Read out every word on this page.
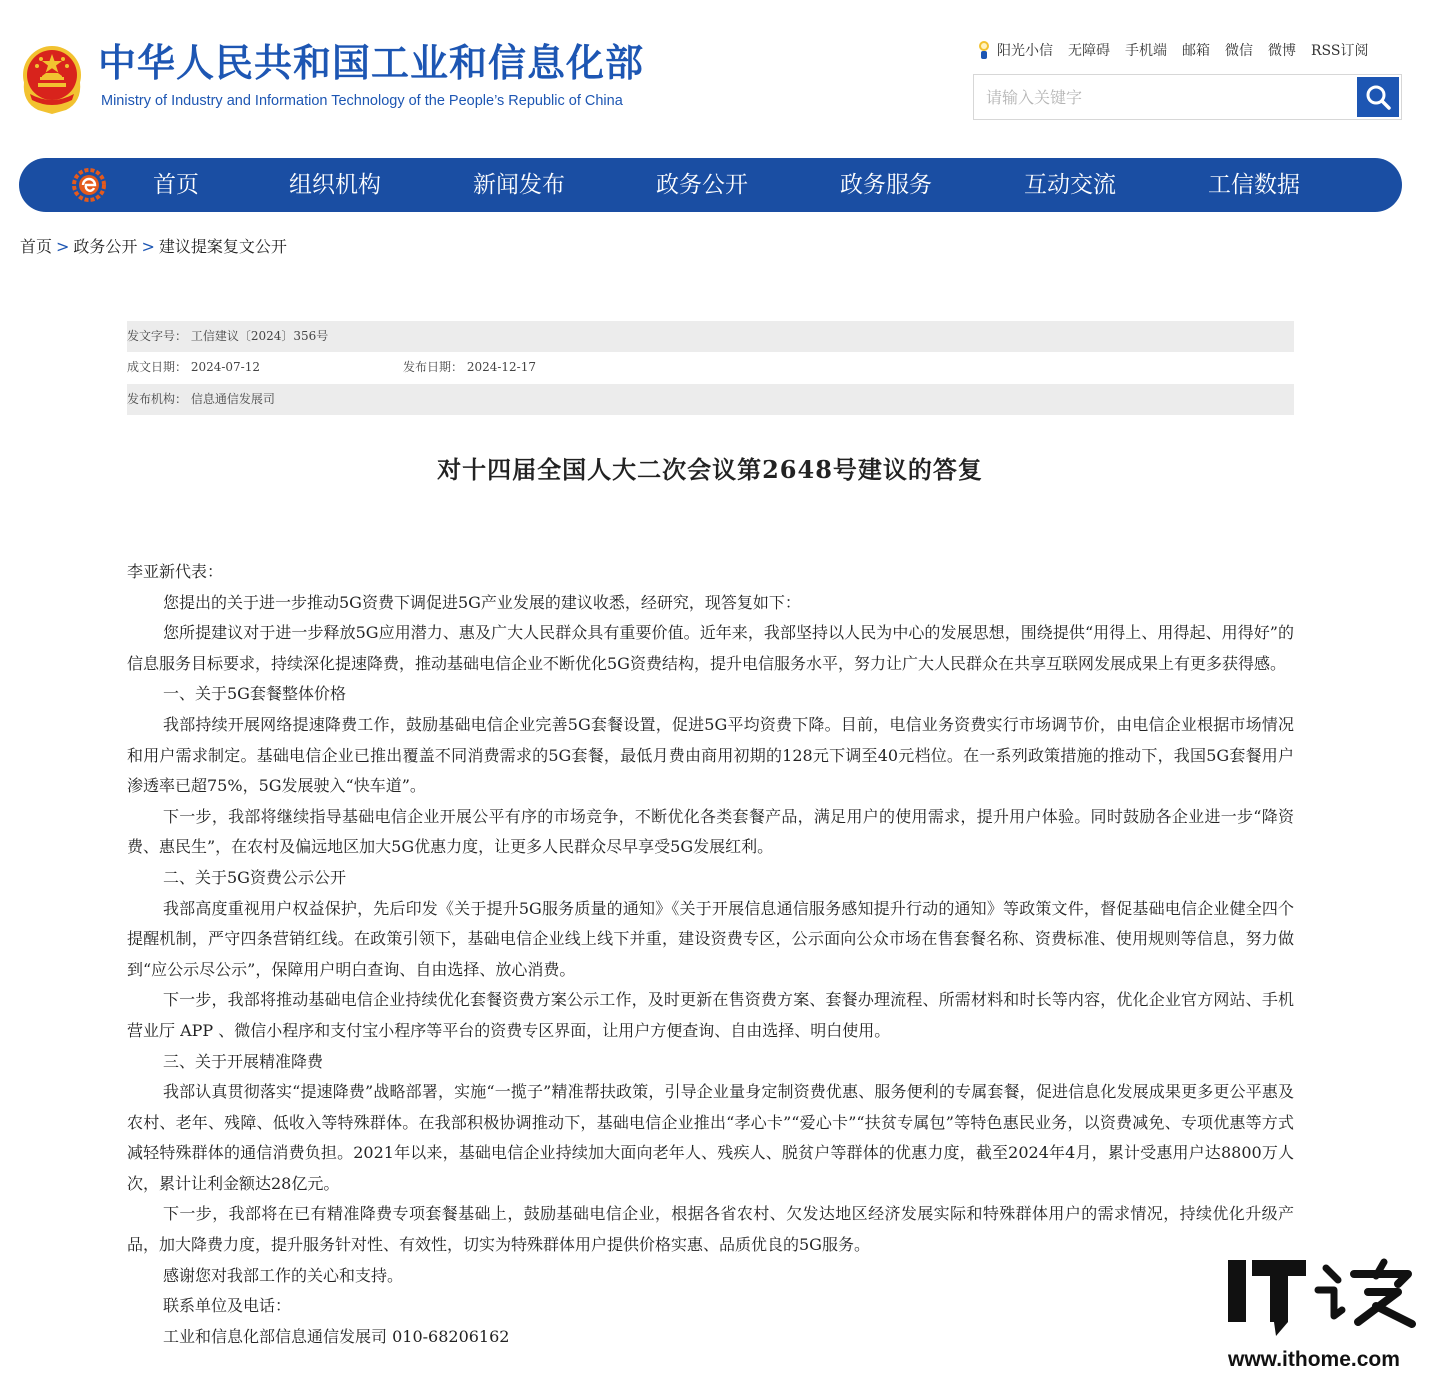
中华人民共和国工业和信息化部
Ministry of Industry and Information Technology of the People’s Republic of China
阳光小信 无障碍 手机端 邮箱 微信 微博 RSS订阅
请输入关键字
首页	组织机构	新闻发布	政务公开	政务服务	互动交流	工信数据
首页 > 政务公开 > 建议提案复文公开
发文字号： 工信建议〔2024〕356号
成文日期： 2024-07-12	发布日期： 2024-12-17
发布机构： 信息通信发展司
对十四届全国人大二次会议第2648号建议的答复

李亚新代表：

您提出的关于进一步推动5G资费下调促进5G产业发展的建议收悉，经研究，现答复如下：

您所提建议对于进一步释放5G应用潜力、惠及广大人民群众具有重要价值。近年来，我部坚持以人民为中心的发展思想，围绕提供“用得上、用得起、用得好”的信息服务目标要求，持续深化提速降费，推动基础电信企业不断优化5G资费结构，提升电信服务水平，努力让广大人民群众在共享互联网发展成果上有更多获得感。

一、关于5G套餐整体价格

我部持续开展网络提速降费工作，鼓励基础电信企业完善5G套餐设置，促进5G平均资费下降。目前，电信业务资费实行市场调节价，由电信企业根据市场情况和用户需求制定。基础电信企业已推出覆盖不同消费需求的5G套餐，最低月费由商用初期的128元下调至40元档位。在一系列政策措施的推动下，我国5G套餐用户渗透率已超75%，5G发展驶入“快车道”。

下一步，我部将继续指导基础电信企业开展公平有序的市场竞争，不断优化各类套餐产品，满足用户的使用需求，提升用户体验。同时鼓励各企业进一步“降资费、惠民生”，在农村及偏远地区加大5G优惠力度，让更多人民群众尽早享受5G发展红利。

二、关于5G资费公示公开

我部高度重视用户权益保护，先后印发《关于提升5G服务质量的通知》《关于开展信息通信服务感知提升行动的通知》等政策文件，督促基础电信企业健全四个提醒机制，严守四条营销红线。在政策引领下，基础电信企业线上线下并重，建设资费专区，公示面向公众市场在售套餐名称、资费标准、使用规则等信息，努力做到“应公示尽公示”，保障用户明白查询、自由选择、放心消费。

下一步，我部将推动基础电信企业持续优化套餐资费方案公示工作，及时更新在售资费方案、套餐办理流程、所需材料和时长等内容，优化企业官方网站、手机营业厅 APP 、微信小程序和支付宝小程序等平台的资费专区界面，让用户方便查询、自由选择、明白使用。

三、关于开展精准降费

我部认真贯彻落实“提速降费”战略部署，实施“一揽子”精准帮扶政策，引导企业量身定制资费优惠、服务便利的专属套餐，促进信息化发展成果更多更公平惠及农村、老年、残障、低收入等特殊群体。在我部积极协调推动下，基础电信企业推出“孝心卡”“爱心卡”“扶贫专属包”等特色惠民业务，以资费减免、专项优惠等方式减轻特殊群体的通信消费负担。2021年以来，基础电信企业持续加大面向老年人、残疾人、脱贫户等群体的优惠力度，截至2024年4月，累计受惠用户达8800万人次，累计让利金额达28亿元。

下一步，我部将在已有精准降费专项套餐基础上，鼓励基础电信企业，根据各省农村、欠发达地区经济发展实际和特殊群体用户的需求情况，持续优化升级产品，加大降费力度，提升服务针对性、有效性，切实为特殊群体用户提供价格实惠、品质优良的5G服务。

感谢您对我部工作的关心和支持。

联系单位及电话：

工业和信息化部信息通信发展司 010-68206162

www.ithome.com
